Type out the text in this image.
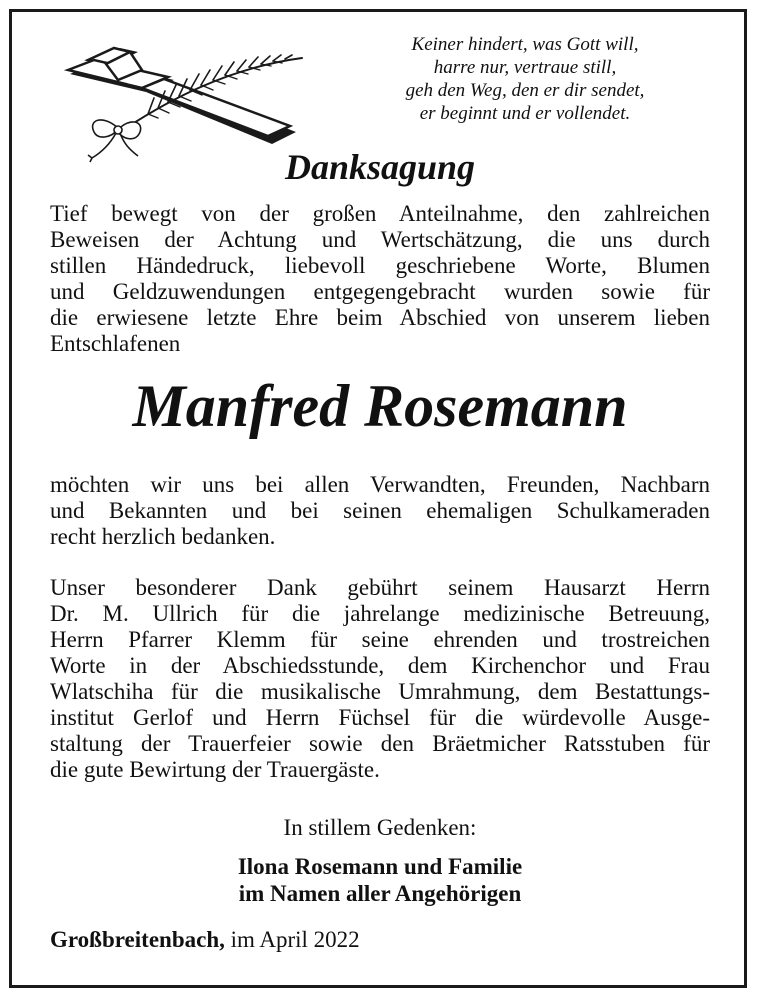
Keiner hindert, was Gott will,
harre nur, vertraue still,
geh den Weg, den er dir sendet,
er beginnt und er vollendet.
Danksagung
Tief bewegt von der großen Anteilnahme, den zahlreichen
Beweisen der Achtung und Wertschätzung, die uns durch
stillen Händedruck, liebevoll geschriebene Worte, Blumen
und Geldzuwendungen entgegengebracht wurden sowie für
die erwiesene letzte Ehre beim Abschied von unserem lieben
Entschlafenen
Manfred Rosemann
möchten wir uns bei allen Verwandten, Freunden, Nachbarn
und Bekannten und bei seinen ehemaligen Schulkameraden
recht herzlich bedanken.
Unser besonderer Dank gebührt seinem Hausarzt Herrn
Dr. M. Ullrich für die jahrelange medizinische Betreuung,
Herrn Pfarrer Klemm für seine ehrenden und trostreichen
Worte in der Abschiedsstunde, dem Kirchenchor und Frau
Wlatschiha für die musikalische Umrahmung, dem Bestattungs-
institut Gerlof und Herrn Füchsel für die würdevolle Ausge-
staltung der Trauerfeier sowie den Bräetmicher Ratsstuben für
die gute Bewirtung der Trauergäste.
In stillem Gedenken:
Ilona Rosemann und Familie
im Namen aller Angehörigen
Großbreitenbach, im April 2022
